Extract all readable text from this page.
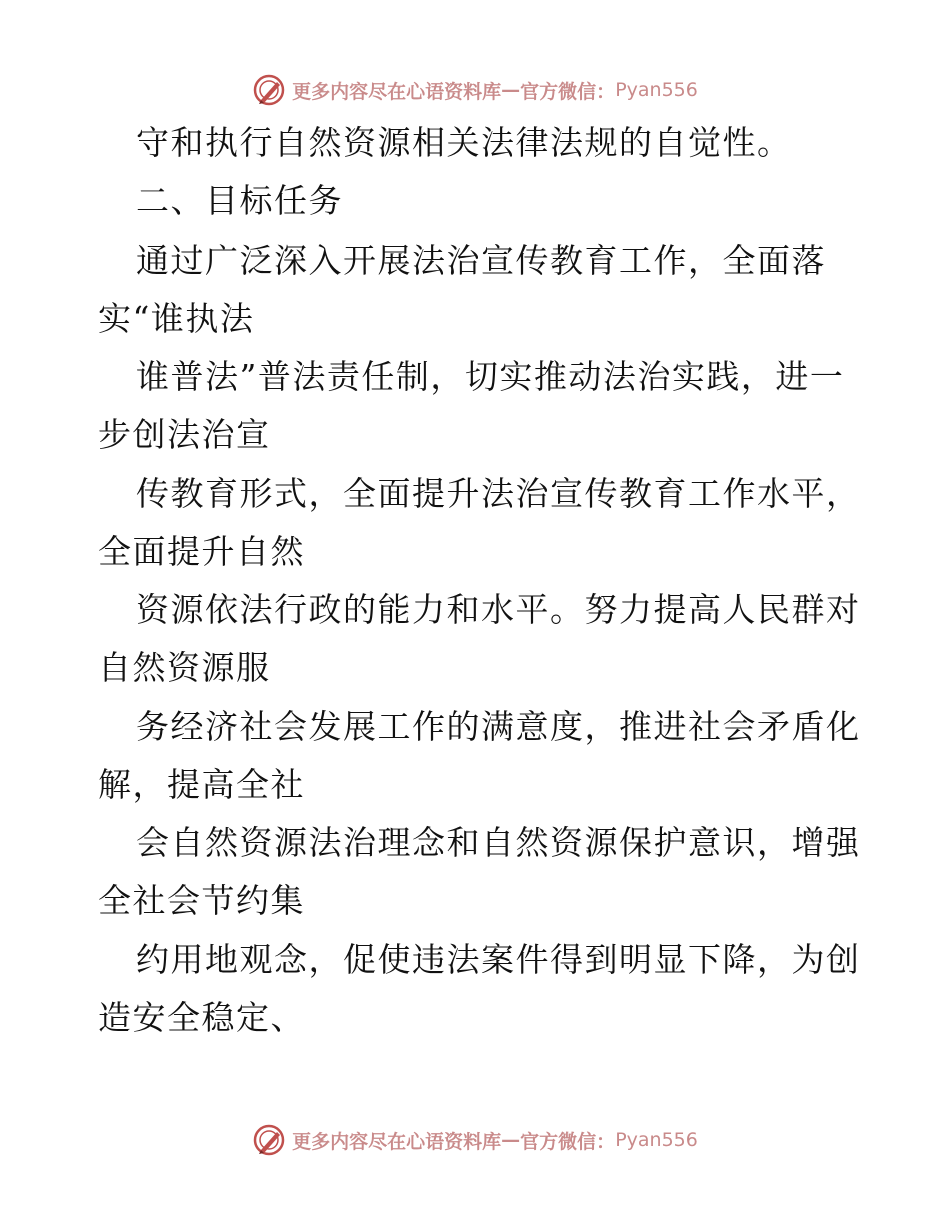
更多内容尽在心语资料库 — 官方微信： Pyan556
守和执行自然资源相关法律法规的自觉性。
二、目标任务
通过广泛深入开展法治宣传教育工作，全面落
实“谁执法
谁普法”普法责任制，切实推动法治实践，进一
步创法治宣
传教育形式，全面提升法治宣传教育工作水平，
全面提升自然
资源依法行政的能力和水平。努力提高人民群对
自然资源服
务经济社会发展工作的满意度，推进社会矛盾化
解，提高全社
会自然资源法治理念和自然资源保护意识，增强
全社会节约集
约用地观念，促使违法案件得到明显下降，为创
造安全稳定、
更多内容尽在心语资料库 — 官方微信： Pyan556
